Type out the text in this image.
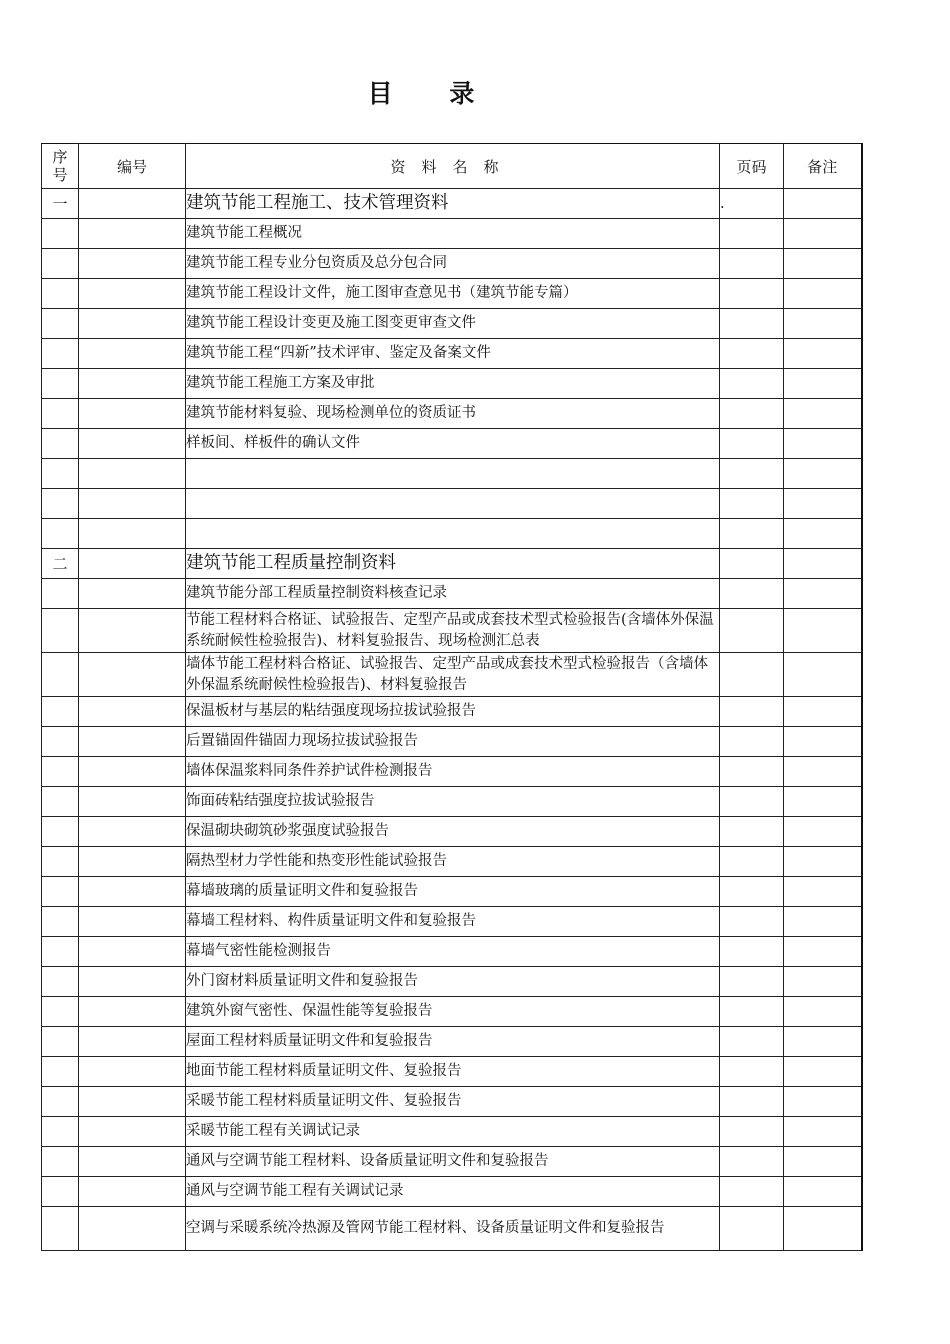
目 录
序号	编号	资料名称	页码	备注
一		建筑节能工程施工、技术管理资料	.	
		建筑节能工程概况		
		建筑节能工程专业分包资质及总分包合同		
		建筑节能工程设计文件，施工图审查意见书（建筑节能专篇）		
		建筑节能工程设计变更及施工图变更审查文件		
		建筑节能工程“四新”技术评审、鉴定及备案文件		
		建筑节能工程施工方案及审批		
		建筑节能材料复验、现场检测单位的资质证书		
		样板间、样板件的确认文件		

二		建筑节能工程质量控制资料		
		建筑节能分部工程质量控制资料核查记录		
		节能工程材料合格证、试验报告、定型产品或成套技术型式检验报告(含墙体外保温系统耐候性检验报告)、材料复验报告、现场检测汇总表		
		墙体节能工程材料合格证、试验报告、定型产品或成套技术型式检验报告（含墙体外保温系统耐候性检验报告)、材料复验报告		
		保温板材与基层的粘结强度现场拉拔试验报告		
		后置锚固件锚固力现场拉拔试验报告		
		墙体保温浆料同条件养护试件检测报告		
		饰面砖粘结强度拉拔试验报告		
		保温砌块砌筑砂浆强度试验报告		
		隔热型材力学性能和热变形性能试验报告		
		幕墙玻璃的质量证明文件和复验报告		
		幕墙工程材料、构件质量证明文件和复验报告		
		幕墙气密性能检测报告		
		外门窗材料质量证明文件和复验报告		
		建筑外窗气密性、保温性能等复验报告		
		屋面工程材料质量证明文件和复验报告		
		地面节能工程材料质量证明文件、复验报告		
		采暖节能工程材料质量证明文件、复验报告		
		采暖节能工程有关调试记录		
		通风与空调节能工程材料、设备质量证明文件和复验报告		
		通风与空调节能工程有关调试记录		
		空调与采暖系统冷热源及管网节能工程材料、设备质量证明文件和复验报告		
